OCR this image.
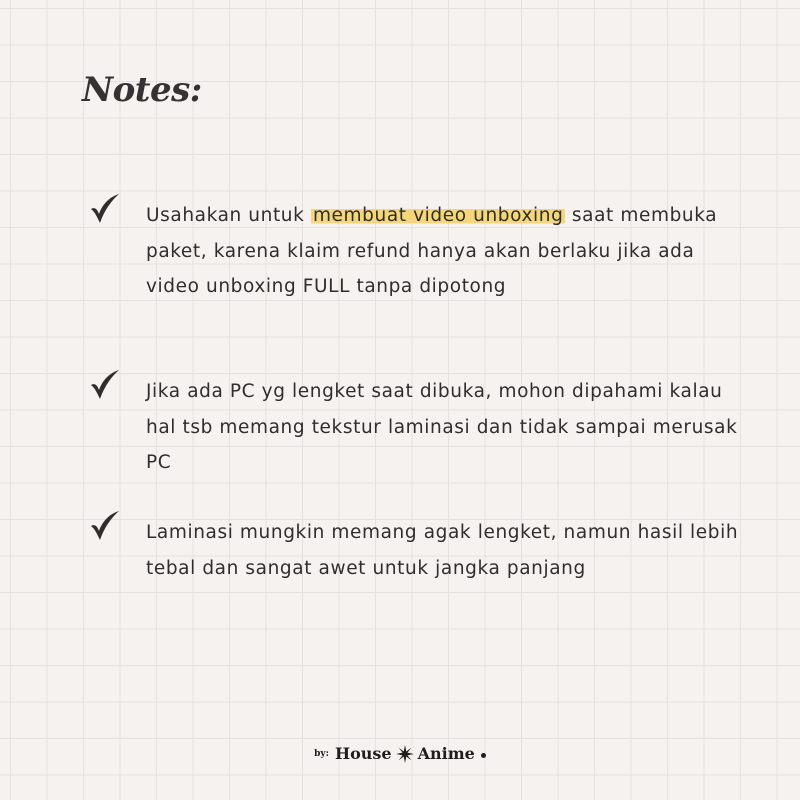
Notes:

Usahakan untuk membuat video unboxing saat membuka paket, karena klaim refund hanya akan berlaku jika ada video unboxing FULL tanpa dipotong

Jika ada PC yg lengket saat dibuka, mohon dipahami kalau hal tsb memang tekstur laminasi dan tidak sampai merusak PC

Laminasi mungkin memang agak lengket, namun hasil lebih tebal dan sangat awet untuk jangka panjang

by: House Anime
